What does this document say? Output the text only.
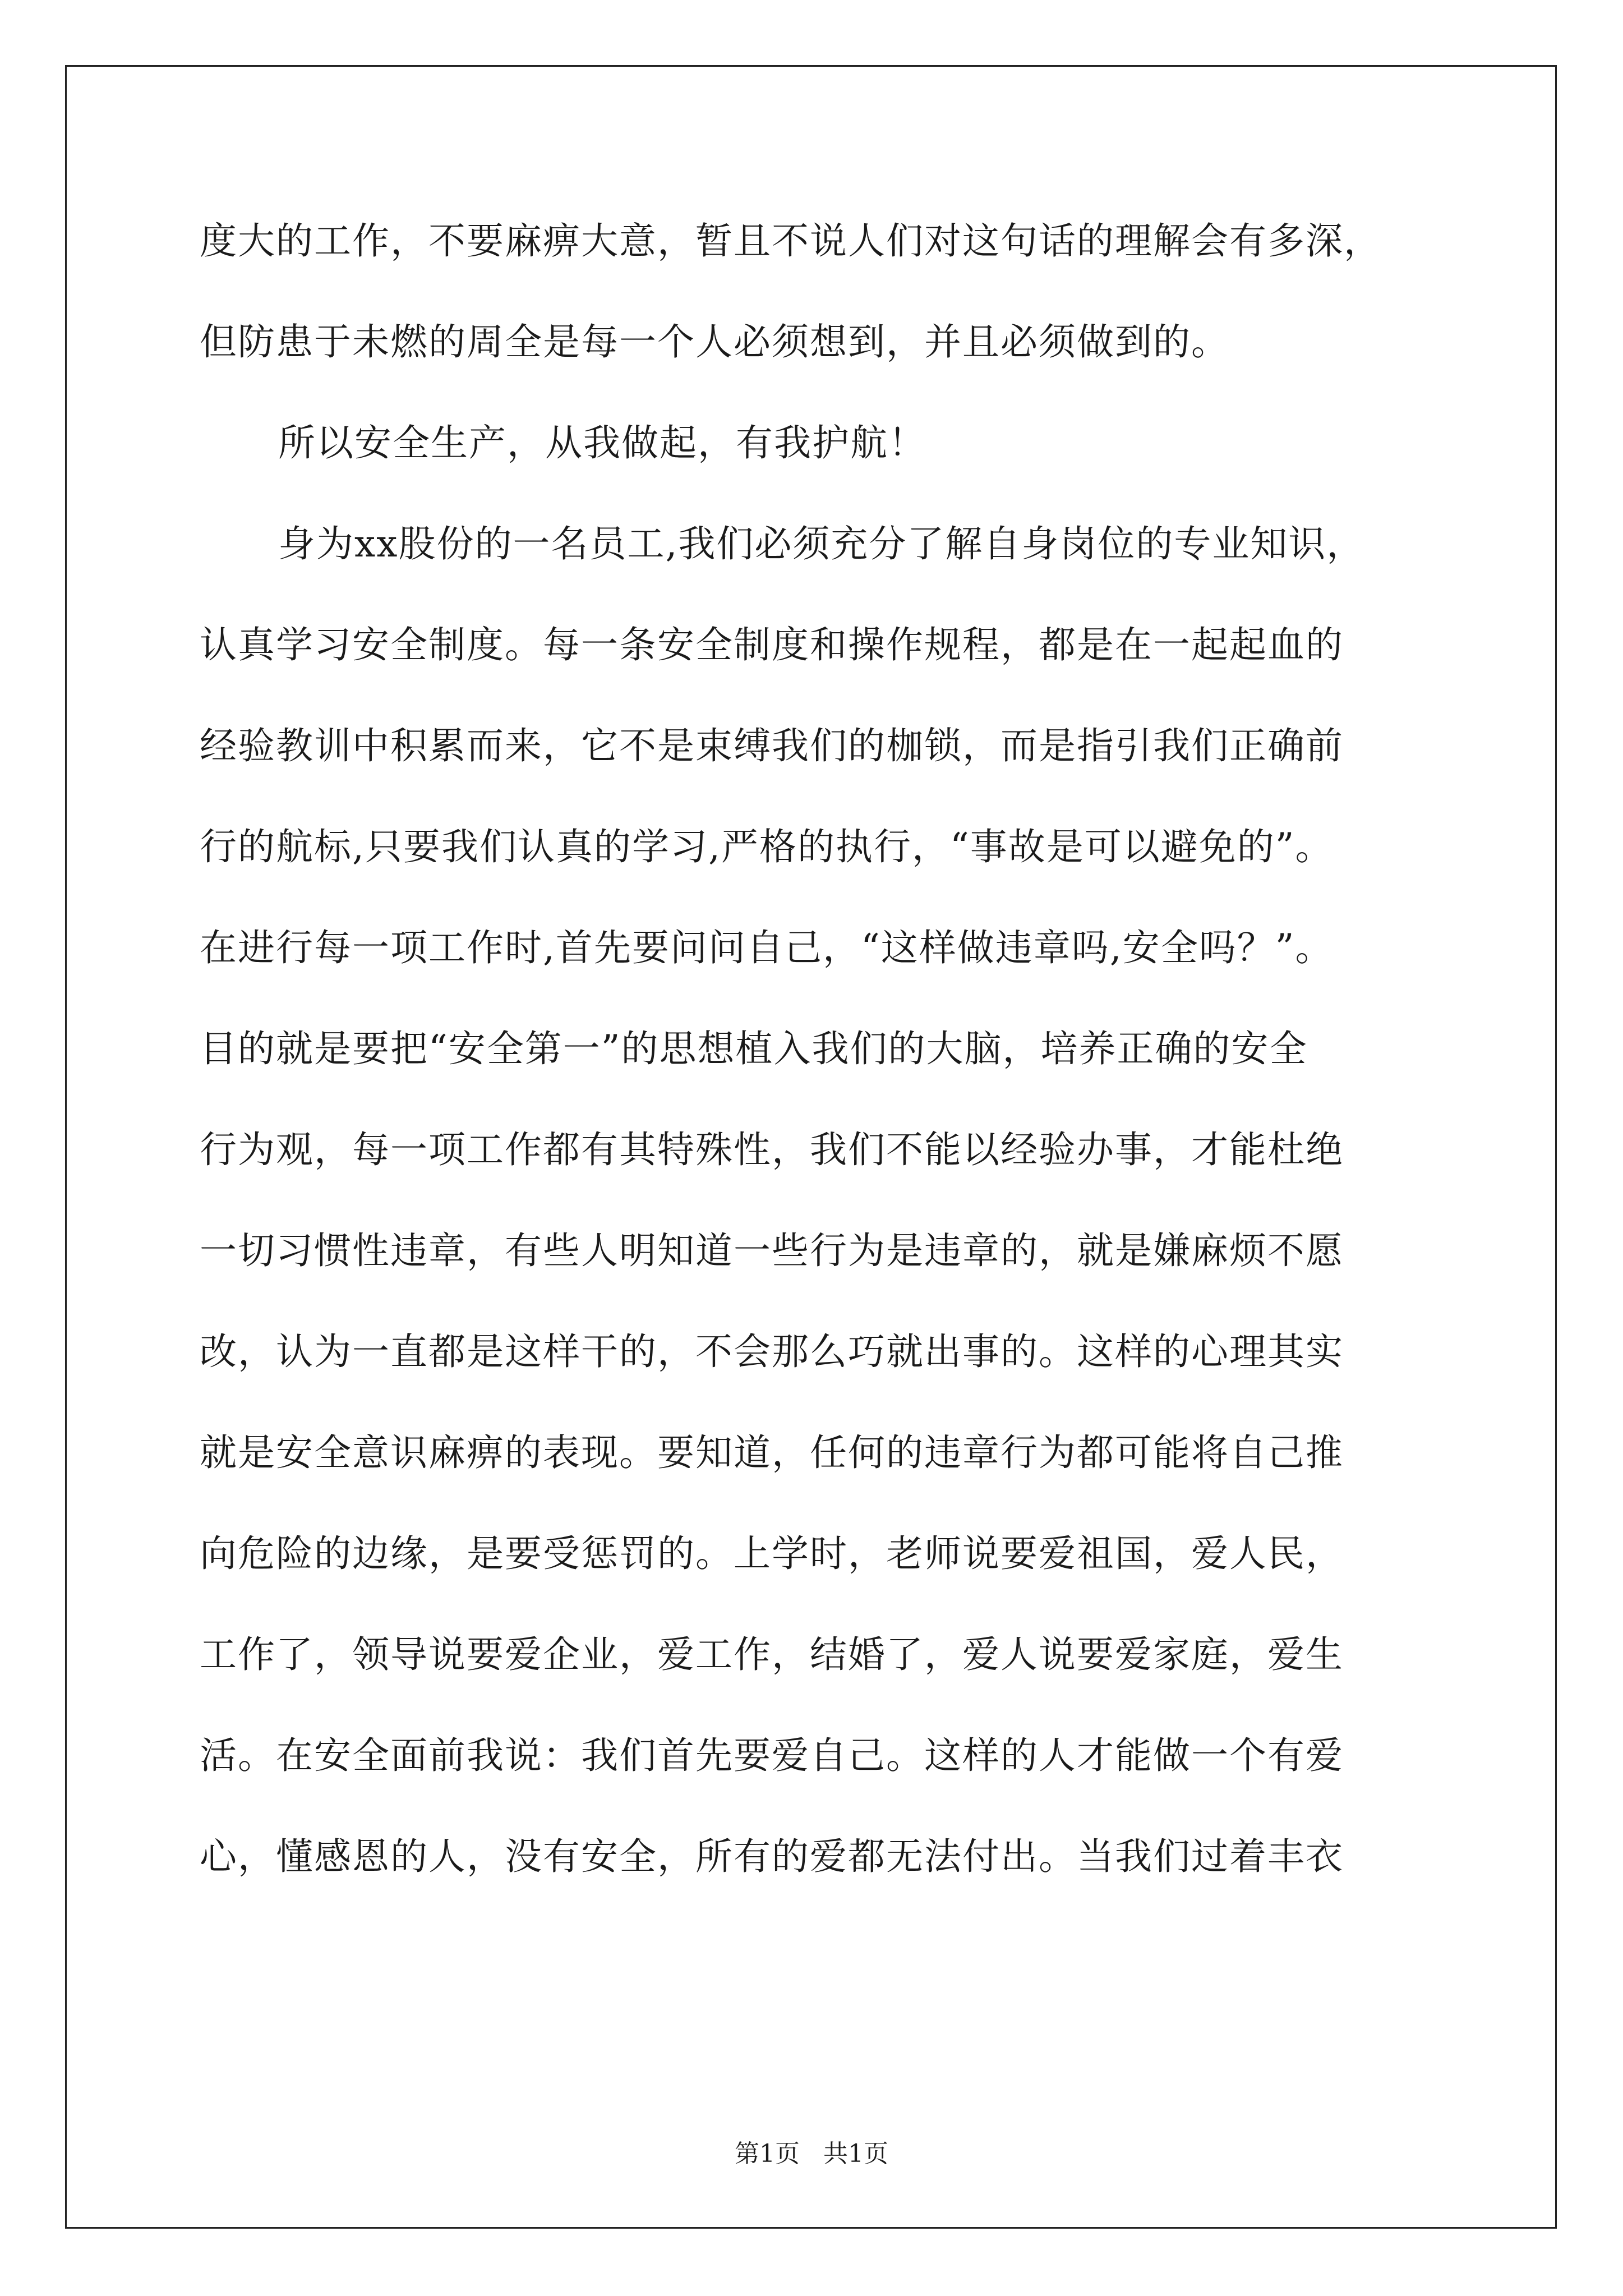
度大的工作，不要麻痹大意，暂且不说人们对这句话的理解会有多深，

但防患于未燃的周全是每一个人必须想到，并且必须做到的。

所以安全生产，从我做起，有我护航！

身为xx股份的一名员工,我们必须充分了解自身岗位的专业知识，

认真学习安全制度。每一条安全制度和操作规程，都是在一起起血的

经验教训中积累而来，它不是束缚我们的枷锁，而是指引我们正确前

行的航标,只要我们认真的学习,严格的执行，“事故是可以避免的”。

在进行每一项工作时,首先要问问自己，“这样做违章吗,安全吗？”。

目的就是要把“安全第一”的思想植入我们的大脑，培养正确的安全

行为观，每一项工作都有其特殊性，我们不能以经验办事，才能杜绝

一切习惯性违章，有些人明知道一些行为是违章的，就是嫌麻烦不愿

改，认为一直都是这样干的，不会那么巧就出事的。这样的心理其实

就是安全意识麻痹的表现。要知道，任何的违章行为都可能将自己推

向危险的边缘，是要受惩罚的。上学时，老师说要爱祖国，爱人民，

工作了，领导说要爱企业，爱工作，结婚了，爱人说要爱家庭，爱生

活。在安全面前我说：我们首先要爱自己。这样的人才能做一个有爱

心，懂感恩的人，没有安全，所有的爱都无法付出。当我们过着丰衣

第1页   共1页
